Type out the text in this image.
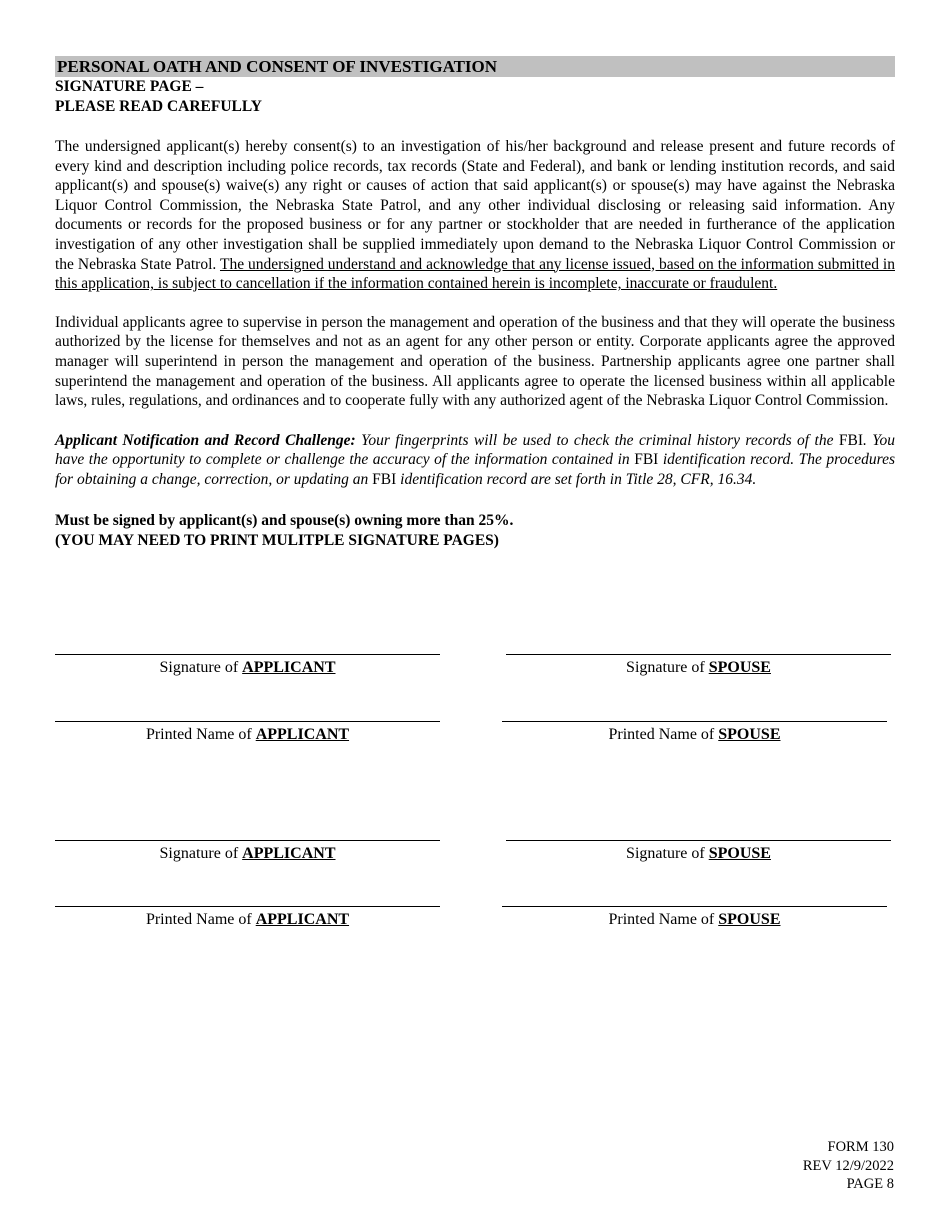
PERSONAL OATH AND CONSENT OF INVESTIGATION
SIGNATURE PAGE –
PLEASE READ CAREFULLY

The undersigned applicant(s) hereby consent(s) to an investigation of his/her background and release present and future records of every kind and description including police records, tax records (State and Federal), and bank or lending institution records, and said applicant(s) and spouse(s) waive(s) any right or causes of action that said applicant(s) or spouse(s) may have against the Nebraska Liquor Control Commission, the Nebraska State Patrol, and any other individual disclosing or releasing said information. Any documents or records for the proposed business or for any partner or stockholder that are needed in furtherance of the application investigation of any other investigation shall be supplied immediately upon demand to the Nebraska Liquor Control Commission or the Nebraska State Patrol. The undersigned understand and acknowledge that any license issued, based on the information submitted in this application, is subject to cancellation if the information contained herein is incomplete, inaccurate or fraudulent.

Individual applicants agree to supervise in person the management and operation of the business and that they will operate the business authorized by the license for themselves and not as an agent for any other person or entity. Corporate applicants agree the approved manager will superintend in person the management and operation of the business. Partnership applicants agree one partner shall superintend the management and operation of the business. All applicants agree to operate the licensed business within all applicable laws, rules, regulations, and ordinances and to cooperate fully with any authorized agent of the Nebraska Liquor Control Commission.

Applicant Notification and Record Challenge: Your fingerprints will be used to check the criminal history records of the FBI. You have the opportunity to complete or challenge the accuracy of the information contained in FBI identification record. The procedures for obtaining a change, correction, or updating an FBI identification record are set forth in Title 28, CFR, 16.34.

Must be signed by applicant(s) and spouse(s) owning more than 25%.
(YOU MAY NEED TO PRINT MULITPLE SIGNATURE PAGES)
Signature of APPLICANT	Signature of SPOUSE
Printed Name of APPLICANT	Printed Name of SPOUSE
Signature of APPLICANT	Signature of SPOUSE
Printed Name of APPLICANT	Printed Name of SPOUSE
FORM 130
REV 12/9/2022
PAGE 8
